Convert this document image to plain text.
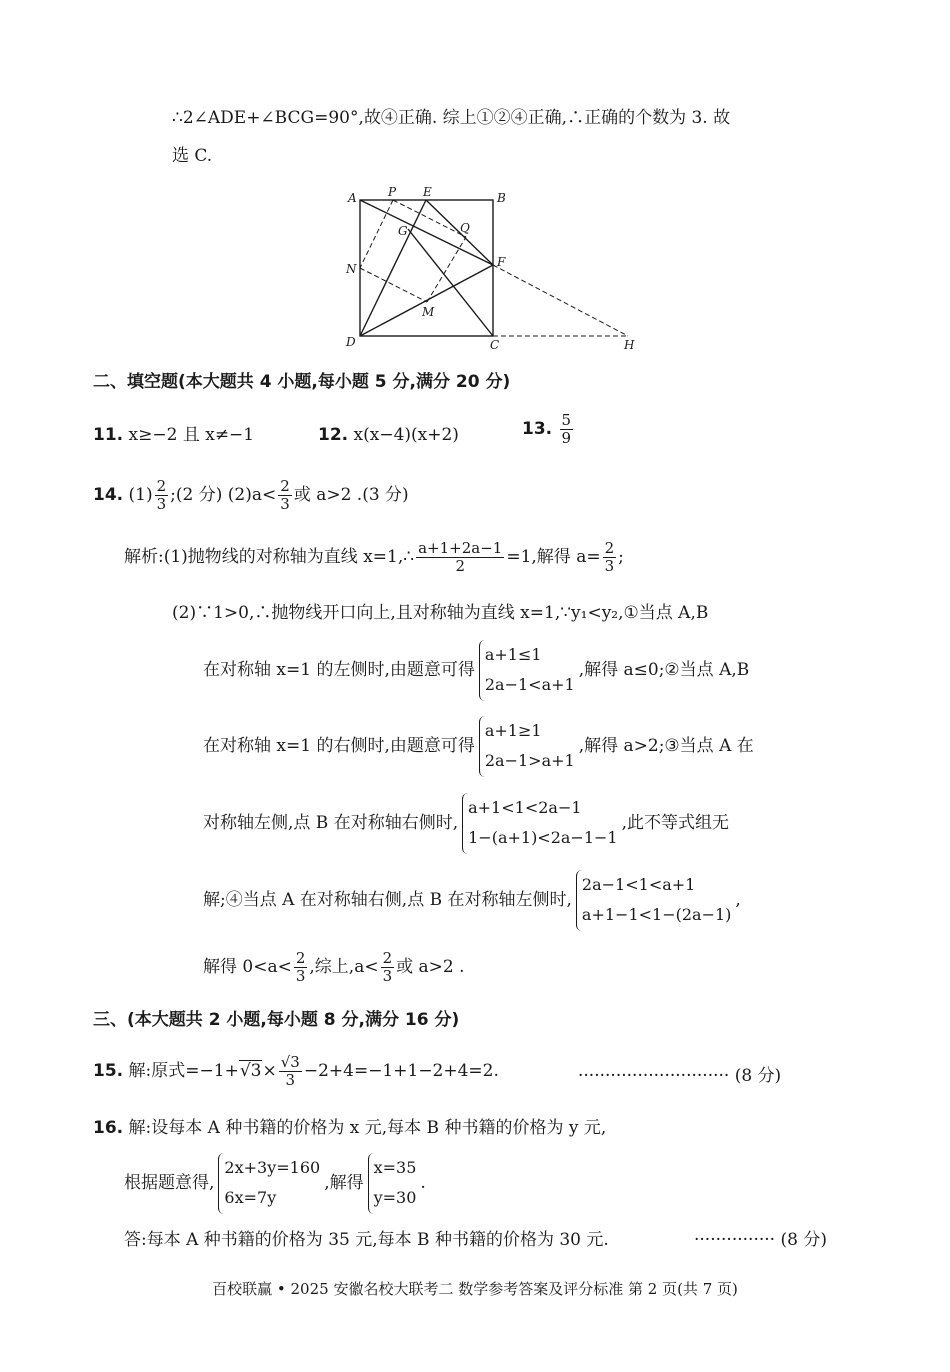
∴2∠ADE+∠BCG=90°,故④正确. 综上①②④正确,∴正确的个数为 3. 故
选 C.
A	P E	B
G	Q
N	F
M
D	C	H
二、填空题(本大题共 4 小题,每小题 5 分,满分 20 分)
11. x≥−2 且 x≠−1	12. x(x−4)(x+2)	13. $\frac{5}{9}$
14. $(1) \frac{2}{3}$ ;(2 分) $(2)a< \frac{2}{3}$ 或 a>2 .(3 分)
解析:(1)抛物线的对称轴为直线 x=1,∴ $\frac{a+1+2a-1}{2} =1$,解得 $a= \frac{2}{3}$ ;
(2)∵1>0,∴抛物线开口向上,且对称轴为直线 x=1,∵y₁<y₂,①当点 A,B
在对称轴 x=1 的左侧时,由题意可得
a+1≤1
2a−1<a+1
,解得 a≤0;②当点 A,B
在对称轴 x=1 的右侧时,由题意可得
a+1≥1
2a−1>a+1
,解得 a>2;③当点 A 在
对称轴左侧,点 B 在对称轴右侧时,
a+1<1<2a−1
1−(a+1)<2a−1−1
,此不等式组无
解;④当点 A 在对称轴右侧,点 B 在对称轴左侧时,
2a−1<1<a+1
a+1−1<1−(2a−1)
,
解得 $0<a< \frac{2}{3}$ ,综上$,a< \frac{2}{3}$ 或 a>2 .
三、(本大题共 2 小题,每小题 8 分,满分 16 分)
15. 解:原式$=-1+√3\times \frac{√3}{3} -2+4=-1+1-2+4=2$.	···························· (8 分)
16. 解:设每本 A 种书籍的价格为 x 元,每本 B 种书籍的价格为 y 元,
根据题意得,
2x+3y=160
6x=7y
,解得
x=35
y=30
.
答:每本 A 种书籍的价格为 35 元,每本 B 种书籍的价格为 30 元.	··············· (8 分)
百校联赢 • 2025 安徽名校大联考二 数学参考答案及评分标准 第 2 页(共 7 页)
